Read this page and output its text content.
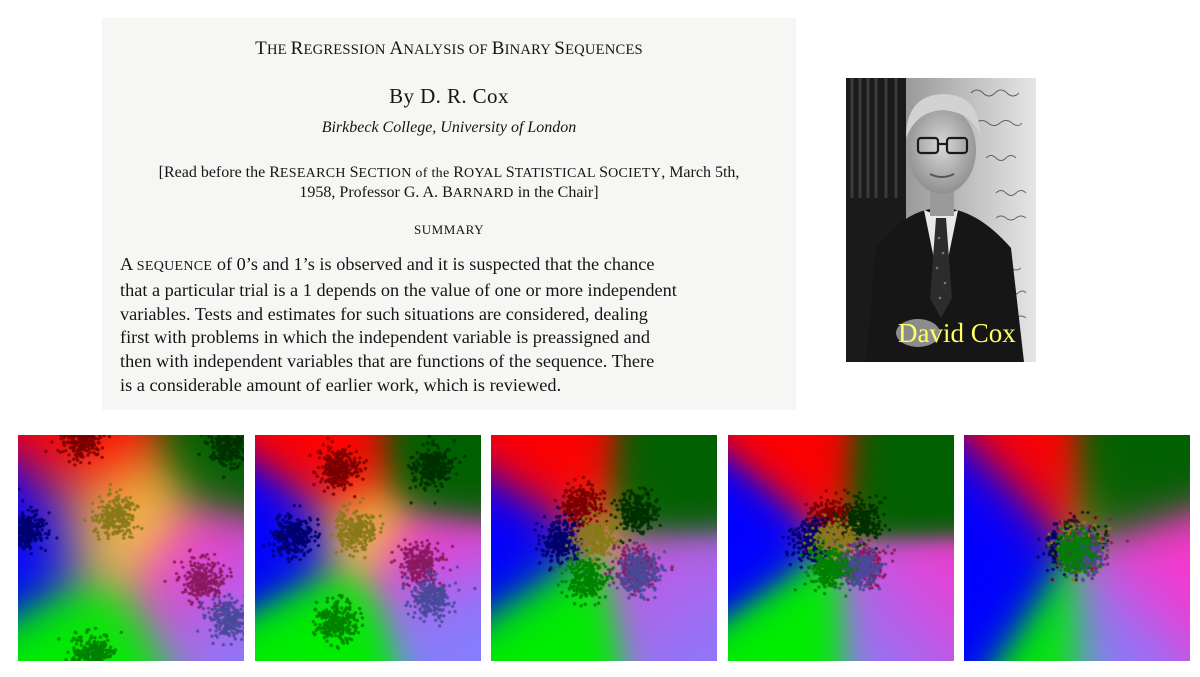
THE REGRESSION ANALYSIS OF BINARY SEQUENCES
By D. R. Cox
Birkbeck College, University of London
[Read before the RESEARCH SECTION of the ROYAL STATISTICAL SOCIETY, March 5th,
1958, Professor G. A. BARNARD in the Chair]
SUMMARY
A SEQUENCE of 0’s and 1’s is observed and it is suspected that the chance
that a particular trial is a 1 depends on the value of one or more independent
variables. Tests and estimates for such situations are considered, dealing
first with problems in which the independent variable is preassigned and
then with independent variables that are functions of the sequence. There
is a considerable amount of earlier work, which is reviewed.
David Cox
